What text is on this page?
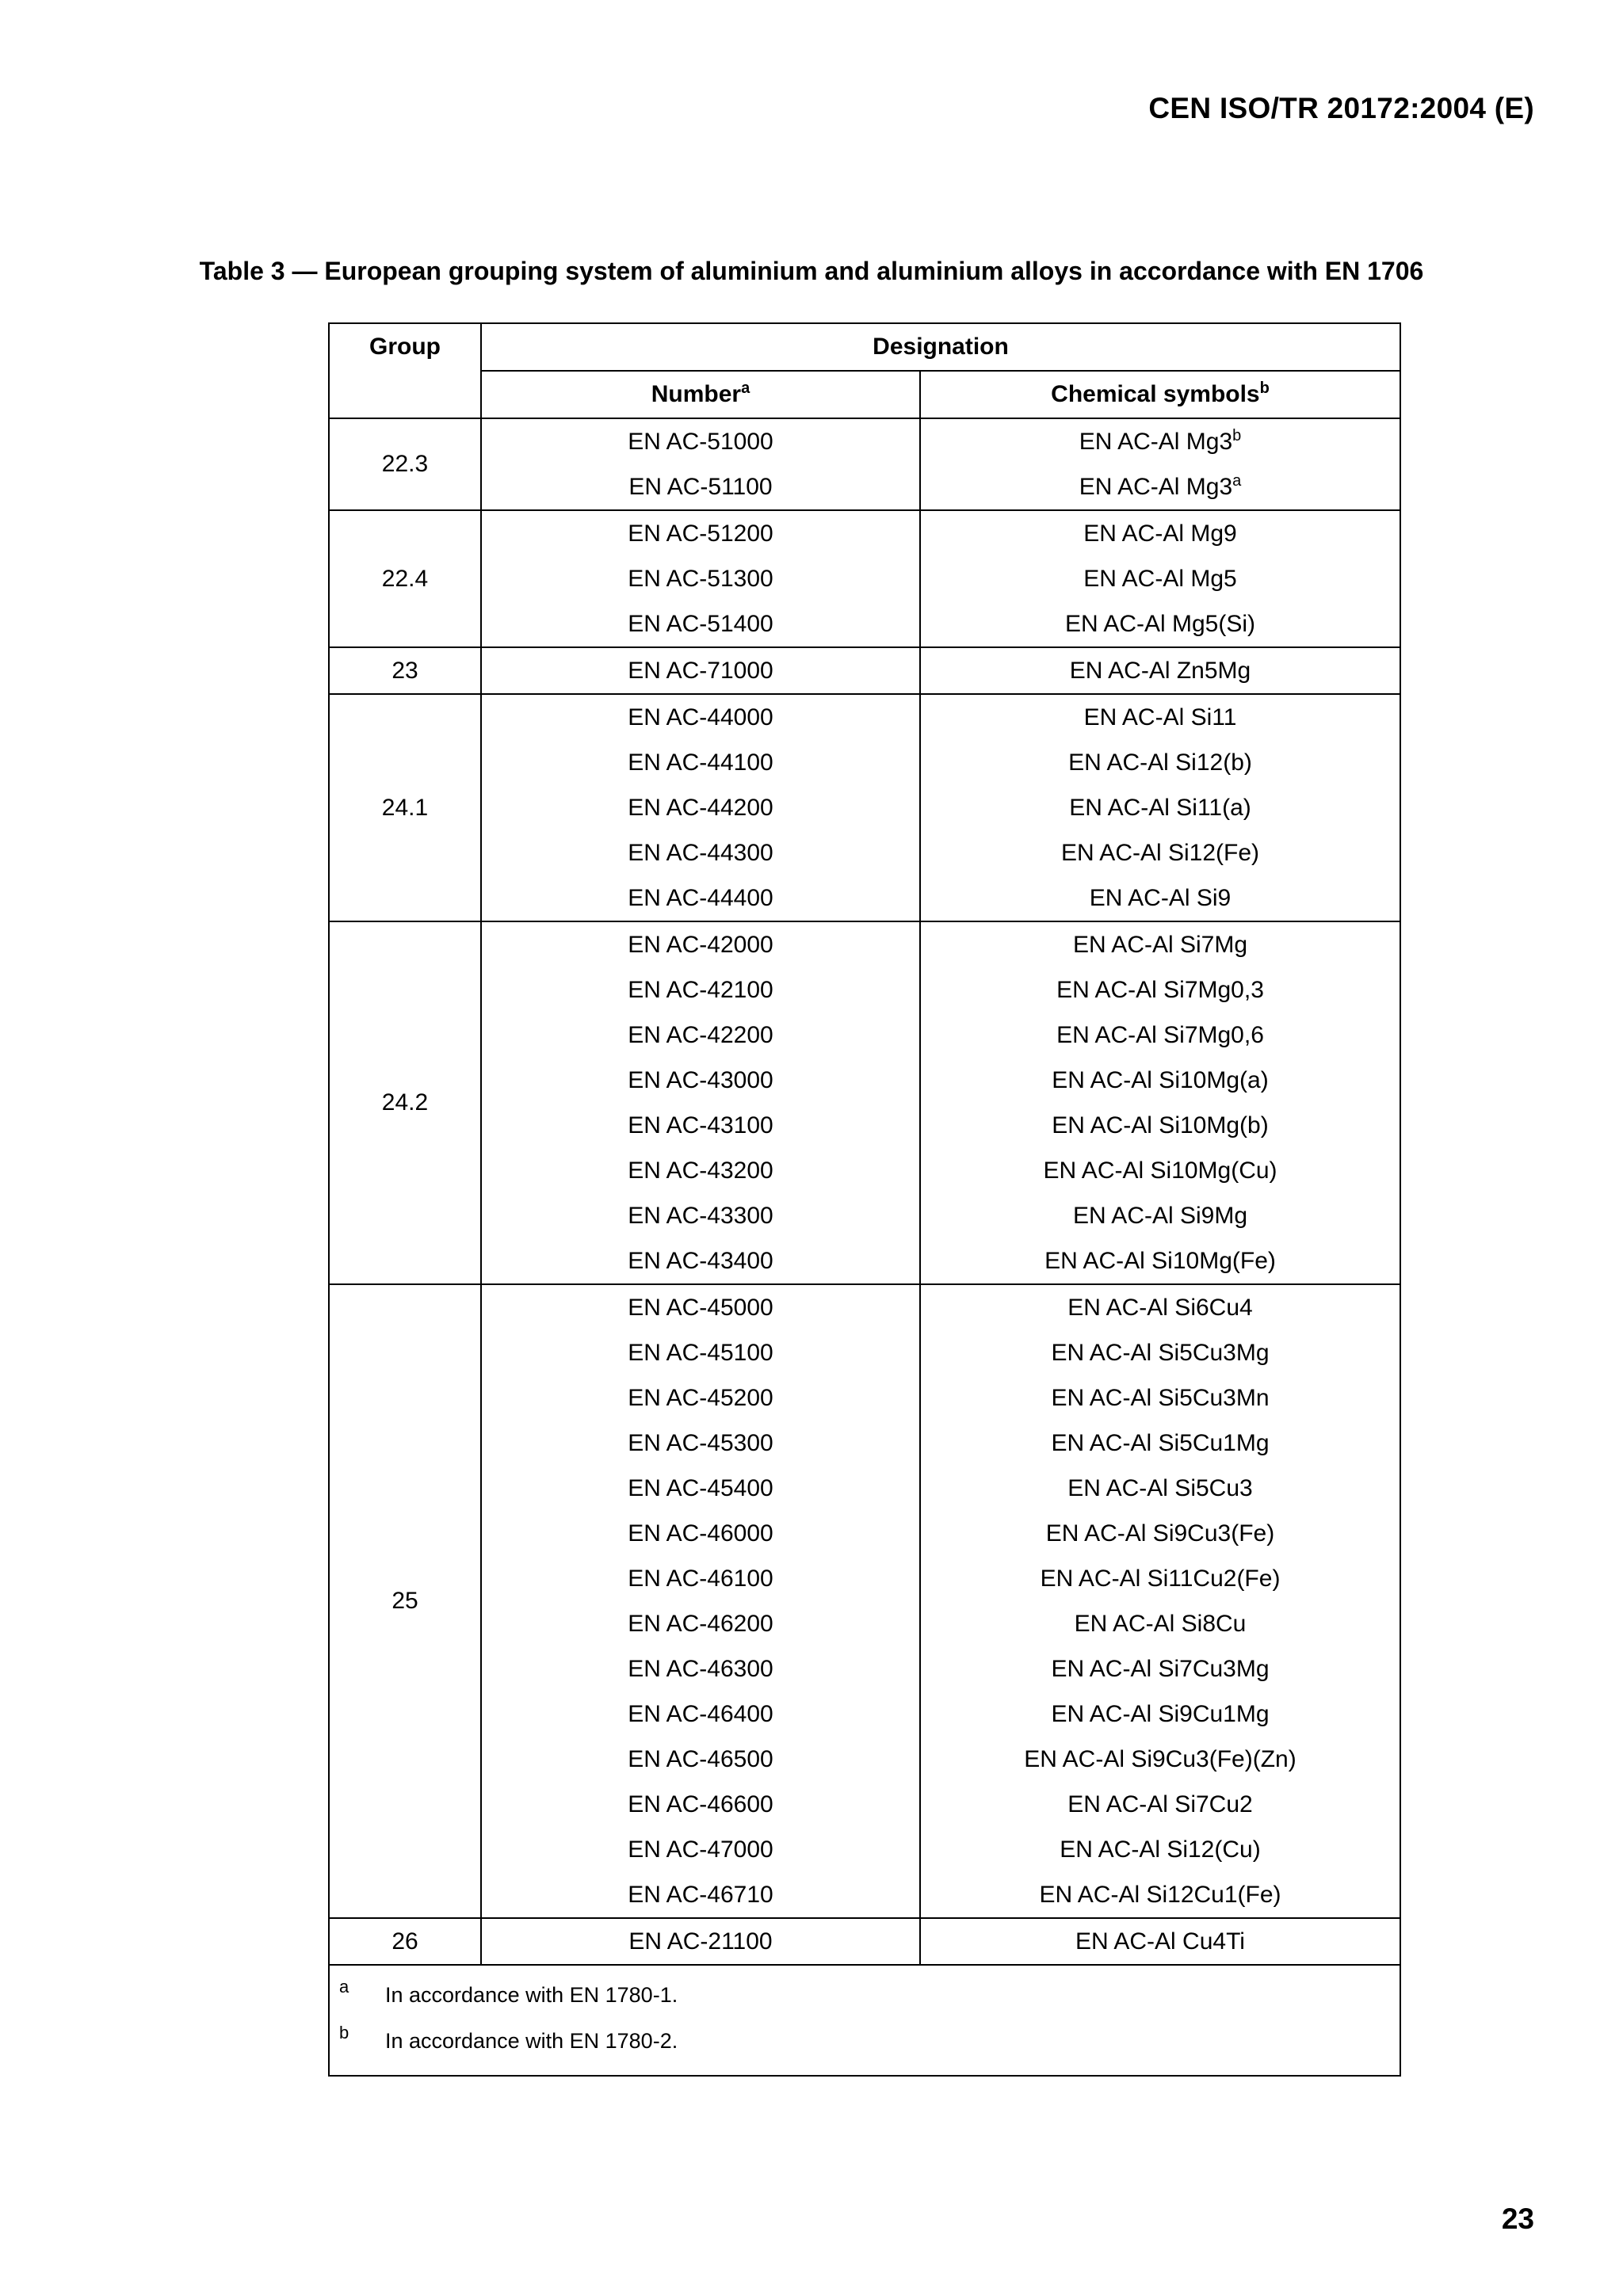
CEN ISO/TR 20172:2004 (E)
Table 3 — European grouping system of aluminium and aluminium alloys in accordance with EN 1706
Group	Designation	
	Number$^a$	Chemical symbols$^b$
22.3	EN AC-51000	EN AC-Al Mg3$^b$
	EN AC-51100	EN AC-Al Mg3$^a$
22.4	EN AC-51200	EN AC-Al Mg9
	EN AC-51300	EN AC-Al Mg5
	EN AC-51400	EN AC-Al Mg5(Si)
23	EN AC-71000	EN AC-Al Zn5Mg
24.1	EN AC-44000	EN AC-Al Si11
	EN AC-44100	EN AC-Al Si12(b)
	EN AC-44200	EN AC-Al Si11(a)
	EN AC-44300	EN AC-Al Si12(Fe)
	EN AC-44400	EN AC-Al Si9
24.2	EN AC-42000	EN AC-Al Si7Mg
	EN AC-42100	EN AC-Al Si7Mg0,3
	EN AC-42200	EN AC-Al Si7Mg0,6
	EN AC-43000	EN AC-Al Si10Mg(a)
	EN AC-43100	EN AC-Al Si10Mg(b)
	EN AC-43200	EN AC-Al Si10Mg(Cu)
	EN AC-43300	EN AC-Al Si9Mg
	EN AC-43400	EN AC-Al Si10Mg(Fe)
25	EN AC-45000	EN AC-Al Si6Cu4
	EN AC-45100	EN AC-Al Si5Cu3Mg
	EN AC-45200	EN AC-Al Si5Cu3Mn
	EN AC-45300	EN AC-Al Si5Cu1Mg
	EN AC-45400	EN AC-Al Si5Cu3
	EN AC-46000	EN AC-Al Si9Cu3(Fe)
	EN AC-46100	EN AC-Al Si11Cu2(Fe)
	EN AC-46200	EN AC-Al Si8Cu
	EN AC-46300	EN AC-Al Si7Cu3Mg
	EN AC-46400	EN AC-Al Si9Cu1Mg
	EN AC-46500	EN AC-Al Si9Cu3(Fe)(Zn)
	EN AC-46600	EN AC-Al Si7Cu2
	EN AC-47000	EN AC-Al Si12(Cu)
	EN AC-46710	EN AC-Al Si12Cu1(Fe)
26	EN AC-21100	EN AC-Al Cu4Ti

a In accordance with EN 1780-1.
b In accordance with EN 1780-2.		
23
